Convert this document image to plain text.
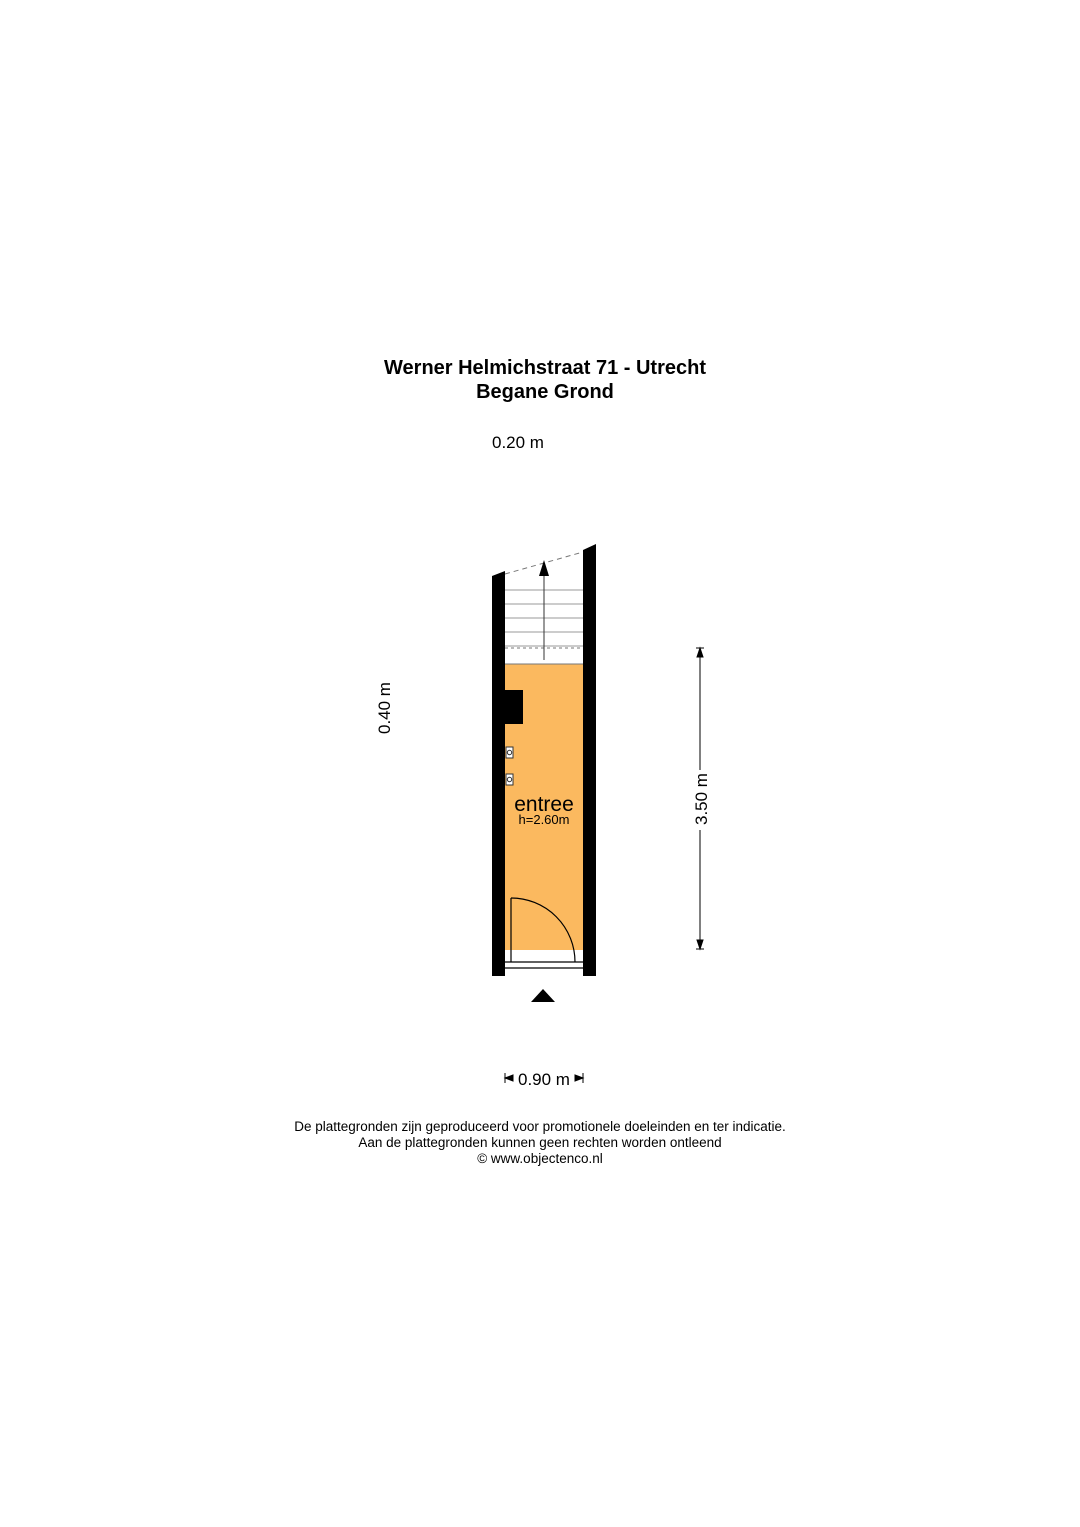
Werner Helmichstraat 71 - Utrecht
Begane Grond
0.20 m
0.40 m
3.50 m
entree
h=2.60m
0.90 m
De plattegronden zijn geproduceerd voor promotionele doeleinden en ter indicatie.
Aan de plattegronden kunnen geen rechten worden ontleend
© www.objectenco.nl
